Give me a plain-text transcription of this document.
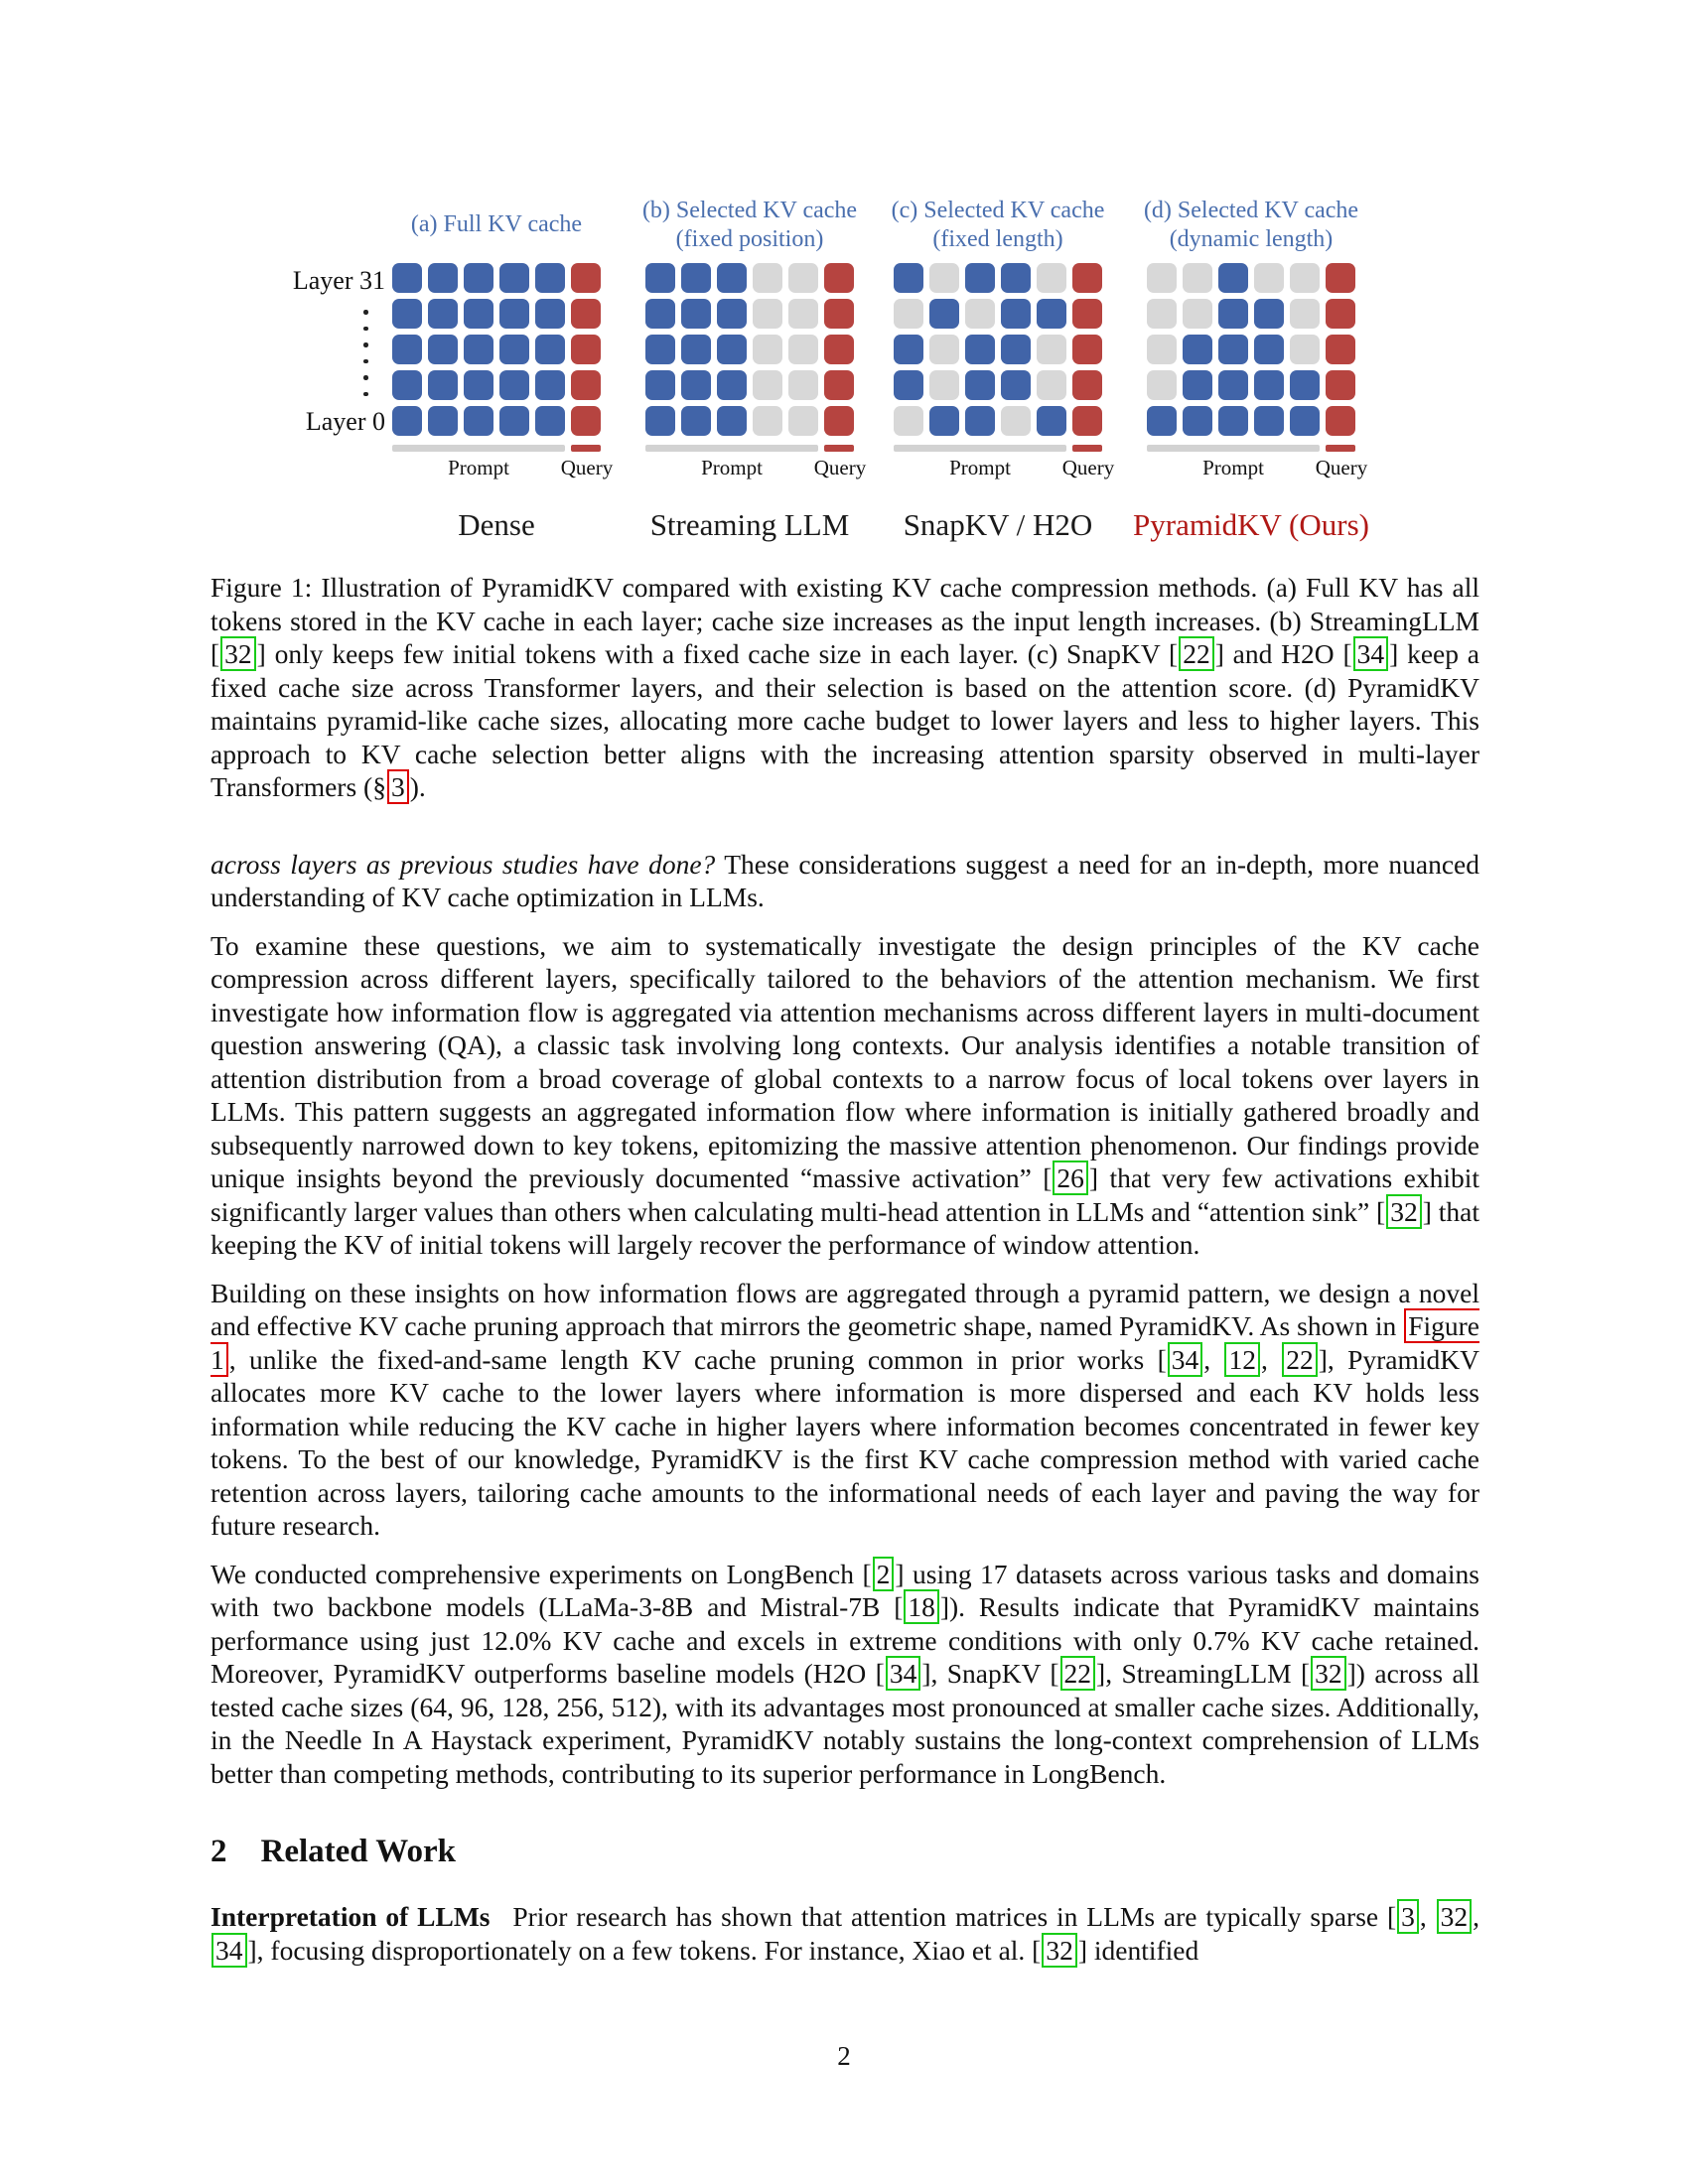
Layer 31
Layer 0
(a) Full KV cache
Prompt	Query
Dense
(b) Selected KV cache
(fixed position)
Prompt	Query
Streaming LLM
(c) Selected KV cache
(fixed length)
Prompt	Query
SnapKV / H2O
(d) Selected KV cache
(dynamic length)
Prompt	Query
PyramidKV (Ours)

Figure 1: Illustration of PyramidKV compared with existing KV cache compression methods. (a) Full KV has all tokens stored in the KV cache in each layer; cache size increases as the input length increases. (b) StreamingLLM [ 32 ] only keeps few initial tokens with a fixed cache size in each layer. (c) SnapKV [ 22 ] and H2O [ 34 ] keep a fixed cache size across Transformer layers, and their selection is based on the attention score. (d) PyramidKV maintains pyramid-like cache sizes, allocating more cache budget to lower layers and less to higher layers. This approach to KV cache selection better aligns with the increasing attention sparsity observed in multi-layer Transformers (§ 3 ).

across layers as previous studies have done? These considerations suggest a need for an in-depth, more nuanced understanding of KV cache optimization in LLMs.

To examine these questions, we aim to systematically investigate the design principles of the KV cache compression across different layers, specifically tailored to the behaviors of the attention mechanism. We first investigate how information flow is aggregated via attention mechanisms across different layers in multi-document question answering (QA), a classic task involving long contexts. Our analysis identifies a notable transition of attention distribution from a broad coverage of global contexts to a narrow focus of local tokens over layers in LLMs. This pattern suggests an aggregated information flow where information is initially gathered broadly and subsequently narrowed down to key tokens, epitomizing the massive attention phenomenon. Our findings provide unique insights beyond the previously documented “massive activation” [ 26 ] that very few activations exhibit significantly larger values than others when calculating multi-head attention in LLMs and “attention sink” [ 32 ] that keeping the KV of initial tokens will largely recover the performance of window attention.

Building on these insights on how information flows are aggregated through a pyramid pattern, we design a novel and effective KV cache pruning approach that mirrors the geometric shape, named PyramidKV. As shown in Figure 1 , unlike the fixed-and-same length KV cache pruning common in prior works [ 34 , 12 , 22 ], PyramidKV allocates more KV cache to the lower layers where information is more dispersed and each KV holds less information while reducing the KV cache in higher layers where information becomes concentrated in fewer key tokens. To the best of our knowledge, PyramidKV is the first KV cache compression method with varied cache retention across layers, tailoring cache amounts to the informational needs of each layer and paving the way for future research.

We conducted comprehensive experiments on LongBench [ 2 ] using 17 datasets across various tasks and domains with two backbone models (LLaMa-3-8B and Mistral-7B [ 18 ]). Results indicate that PyramidKV maintains performance using just 12.0% KV cache and excels in extreme conditions with only 0.7% KV cache retained. Moreover, PyramidKV outperforms baseline models (H2O [ 34 ], SnapKV [ 22 ], StreamingLLM [ 32 ]) across all tested cache sizes (64, 96, 128, 256, 512), with its advantages most pronounced at smaller cache sizes. Additionally, in the Needle In A Haystack experiment, PyramidKV notably sustains the long-context comprehension of LLMs better than competing methods, contributing to its superior performance in LongBench.

2 Related Work

Interpretation of LLMs Prior research has shown that attention matrices in LLMs are typically sparse [ 3 , 32 , 34 ], focusing disproportionately on a few tokens. For instance, Xiao et al. [ 32 ] identified

2
